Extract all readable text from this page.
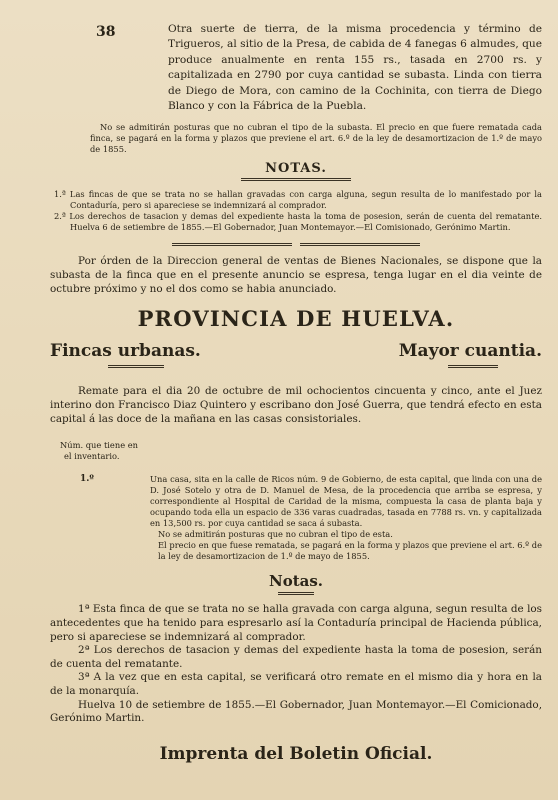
38	Otra suerte de tierra, de la misma procedencia y término de Trigueros, al sitio de la Presa, de cabida de 4 fanegas 6 almudes, que produce anualmente en renta 155 rs., tasada en 2700 rs. y capitalizada en 2790 por cuya cantidad se subasta. Linda con tierra de Diego de Mora, con camino de la Cochinita, con tierra de Diego Blanco y con la Fábrica de la Puebla.

No se admitirán posturas que no cubran el tipo de la subasta. El precio en que fuere rematada cada finca, se pagará en la forma y plazos que previene el art. 6.º de la ley de desamortizacion de 1.º de mayo de 1855.

NOTAS.

1.ª Las fincas de que se trata no se hallan gravadas con carga alguna, segun resulta de lo manifestado por la Contaduría, pero si apareciese se indemnizará al comprador.

2.ª Los derechos de tasacion y demas del expediente hasta la toma de posesion, serán de cuenta del rematante. Huelva 6 de setiembre de 1855.—El Gobernador, Juan Montemayor.—El Comisionado, Gerónimo Martin.

Por órden de la Direccion general de ventas de Bienes Nacionales, se dispone que la subasta de la finca que en el presente anuncio se espresa, tenga lugar en el dia veinte de octubre próximo y no el dos como se habia anunciado.

PROVINCIA DE HUELVA.
Fincas urbanas.	Mayor cuantia.

Remate para el dia 20 de octubre de mil ochocientos cincuenta y cinco, ante el Juez interino don Francisco Diaz Quintero y escribano don José Guerra, que tendrá efecto en esta capital á las doce de la mañana en las casas consistoriales.

Núm. que tiene en
el inventario.
1.º	Una casa, sita en la calle de Ricos núm. 9 de Gobierno, de esta capital, que linda con una de D. José Sotelo y otra de D. Manuel de Mesa, de la procedencia que arriba se espresa, y correspondiente al Hospital de Caridad de la misma, compuesta la casa de planta baja y ocupando toda ella un espacio de 336 varas cuadradas, tasada en 7788 rs. vn. y capitalizada en 13,500 rs. por cuya cantidad se saca á subasta.

No se admitirán posturas que no cubran el tipo de esta.

El precio en que fuese rematada, se pagará en la forma y plazos que previene el art. 6.º de la ley de desamortizacion de 1.º de mayo de 1855.

Notas.

1ª Esta finca de que se trata no se halla gravada con carga alguna, segun resulta de los antecedentes que ha tenido para espresarlo así la Contaduría principal de Hacienda pública, pero si apareciese se indemnizará al comprador.

2ª Los derechos de tasacion y demas del expediente hasta la toma de posesion, serán de cuenta del rematante.

3ª A la vez que en esta capital, se verificará otro remate en el mismo dia y hora en la de la monarquía.

Huelva 10 de setiembre de 1855.—El Gobernador, Juan Montemayor.—El Comicionado, Gerónimo Martin.

Imprenta del Boletin Oficial.
